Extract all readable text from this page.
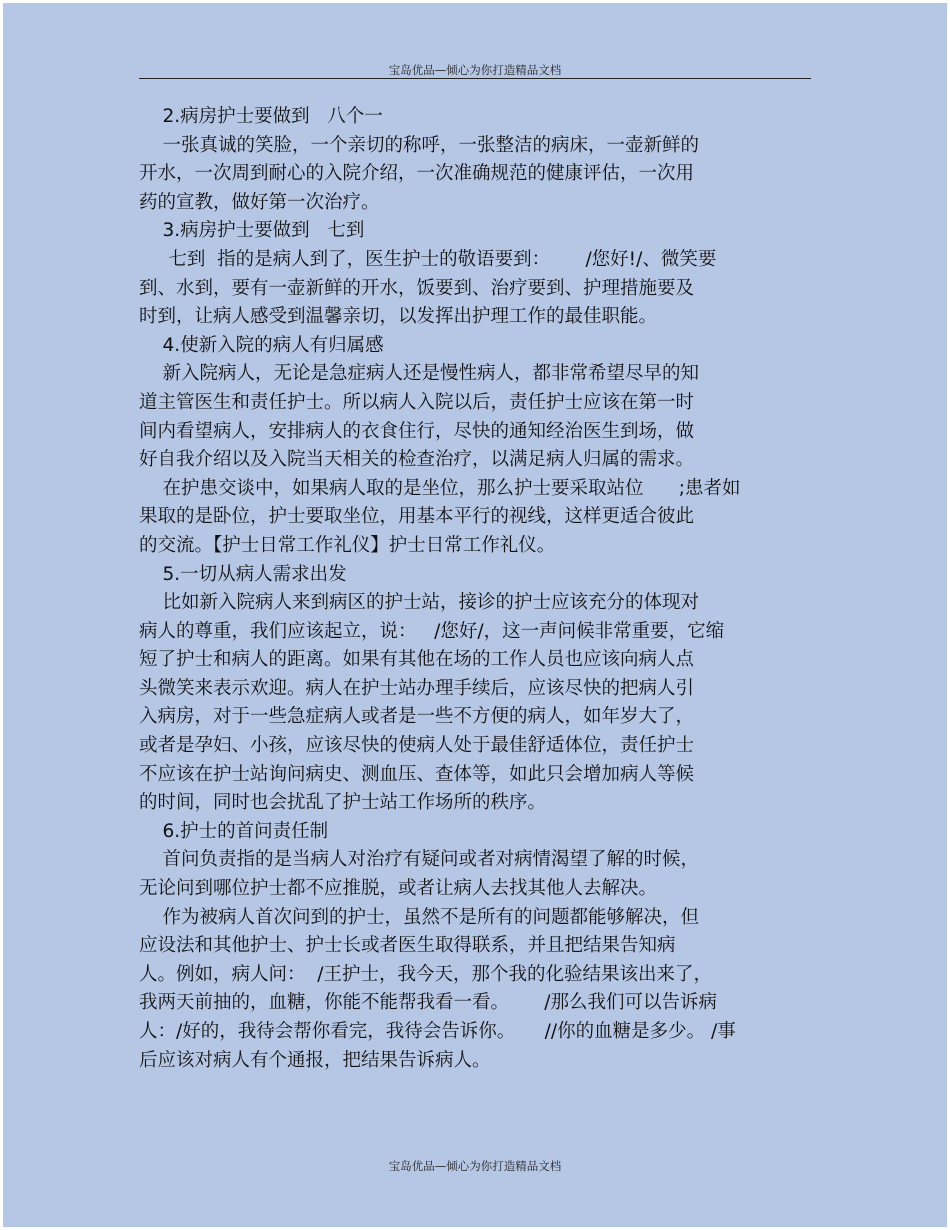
宝岛优品—倾心为你打造精品文档
2.病房护士要做到   八个一
一张真诚的笑脸，一个亲切的称呼，一张整洁的病床，一壶新鲜的
开水，一次周到耐心的入院介绍，一次准确规范的健康评估，一次用
药的宣教，做好第一次治疗。
3.病房护士要做到   七到
七到  指的是病人到了，医生护士的敬语要到：      /您好!/、微笑要
到、水到，要有一壶新鲜的开水，饭要到、治疗要到、护理措施要及
时到，让病人感受到温馨亲切，以发挥出护理工作的最佳职能。
4.使新入院的病人有归属感
新入院病人，无论是急症病人还是慢性病人，都非常希望尽早的知
道主管医生和责任护士。所以病人入院以后，责任护士应该在第一时
间内看望病人，安排病人的衣食住行，尽快的通知经治医生到场，做
好自我介绍以及入院当天相关的检查治疗，以满足病人归属的需求。
在护患交谈中，如果病人取的是坐位，那么护士要采取站位      ;患者如
果取的是卧位，护士要取坐位，用基本平行的视线，这样更适合彼此
的交流。【护士日常工作礼仪】护士日常工作礼仪。
5.一切从病人需求出发
比如新入院病人来到病区的护士站，接诊的护士应该充分的体现对
病人的尊重，我们应该起立，说：   /您好/，这一声问候非常重要，它缩
短了护士和病人的距离。如果有其他在场的工作人员也应该向病人点
头微笑来表示欢迎。病人在护士站办理手续后，应该尽快的把病人引
入病房，对于一些急症病人或者是一些不方便的病人，如年岁大了，
或者是孕妇、小孩，应该尽快的使病人处于最佳舒适体位，责任护士
不应该在护士站询问病史、测血压、查体等，如此只会增加病人等候
的时间，同时也会扰乱了护士站工作场所的秩序。
6.护士的首问责任制
首问负责指的是当病人对治疗有疑问或者对病情渴望了解的时候，
无论问到哪位护士都不应推脱，或者让病人去找其他人去解决。
作为被病人首次问到的护士，虽然不是所有的问题都能够解决，但
应设法和其他护士、护士长或者医生取得联系，并且把结果告知病
人。例如，病人问：  /王护士，我今天，那个我的化验结果该出来了，
我两天前抽的，血糖，你能不能帮我看一看。      /那么我们可以告诉病
人：/好的，我待会帮你看完，我待会告诉你。     //你的血糖是多少。 /事
后应该对病人有个通报，把结果告诉病人。
宝岛优品—倾心为你打造精品文档
